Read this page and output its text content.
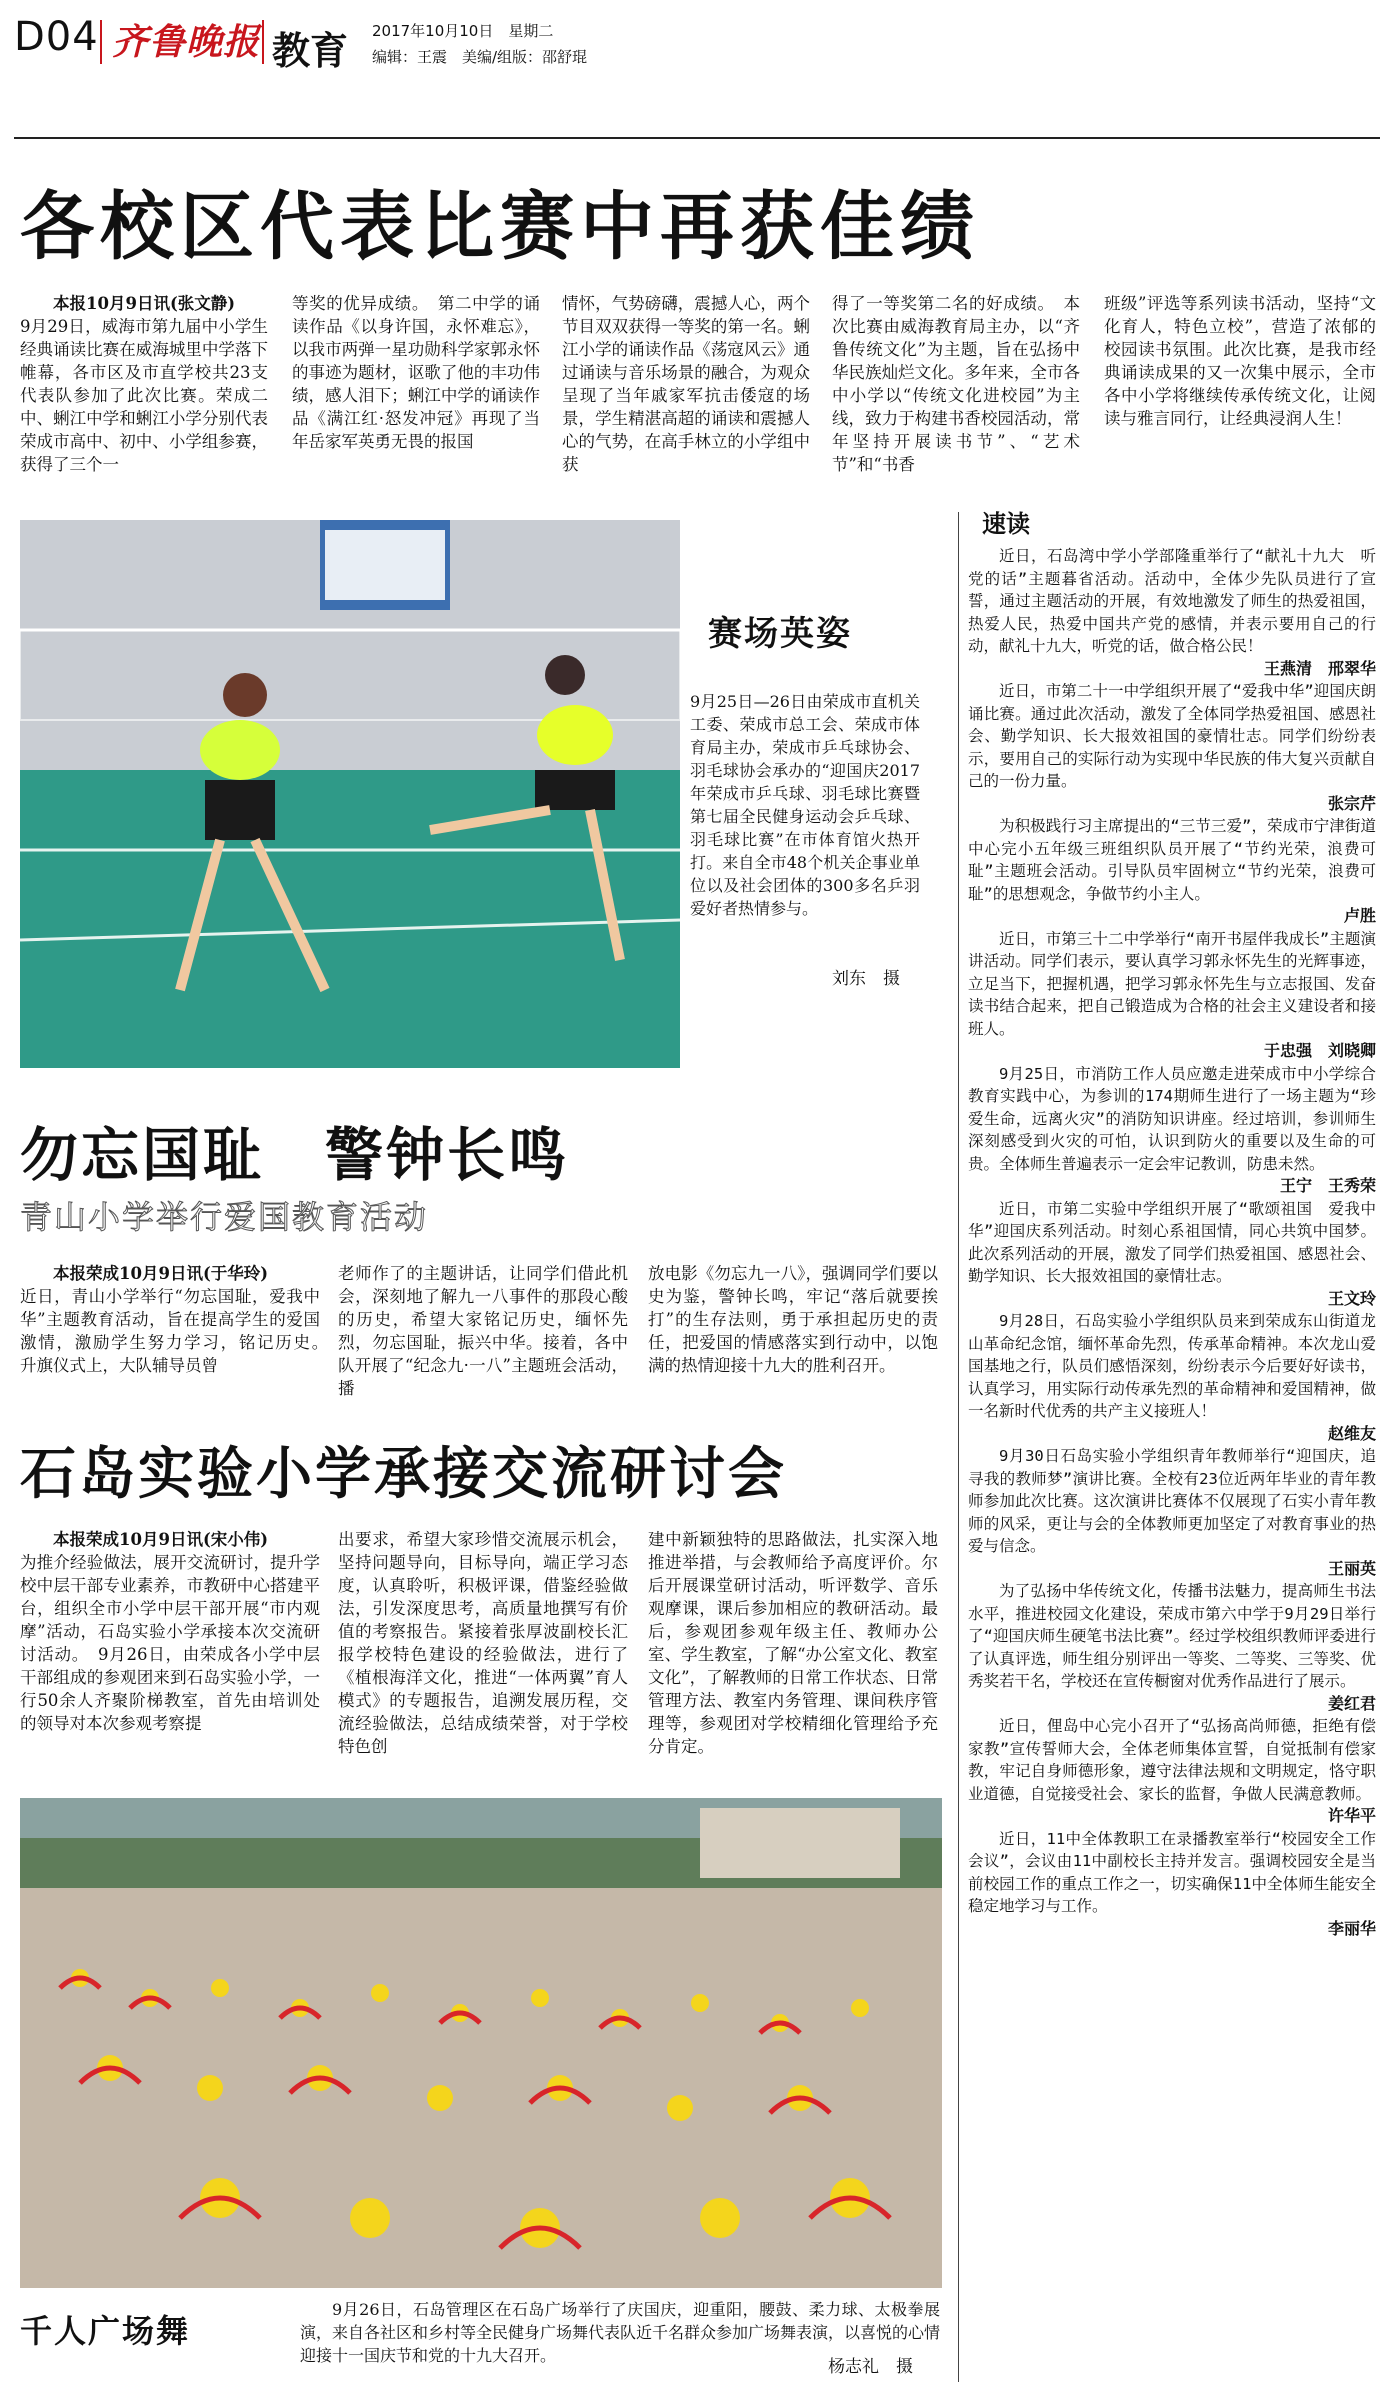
D04 齐鲁晚报 教育 2017年10月10日　星期二
编辑：王震　美编/组版：邵舒琨
各校区代表比赛中再获佳绩
本报10月9日讯(张文静)
9月29日，威海市第九届中小学生经典诵读比赛在威海城里中学落下帷幕，各市区及市直学校共23支代表队参加了此次比赛。荣成二中、蜊江中学和蜊江小学分别代表荣成市高中、初中、小学组参赛，获得了三个一

等奖的优异成绩。　第二中学的诵读作品《以身许国，永怀难忘》，以我市两弹一星功勋科学家郭永怀的事迹为题材，讴歌了他的丰功伟绩，感人泪下；蜊江中学的诵读作品《满江红·怒发冲冠》再现了当年岳家军英勇无畏的报国

情怀，气势磅礴，震撼人心，两个节目双双获得一等奖的第一名。蜊江小学的诵读作品《荡寇风云》通过诵读与音乐场景的融合，为观众呈现了当年戚家军抗击倭寇的场景，学生精湛高超的诵读和震撼人心的气势，在高手林立的小学组中获

得了一等奖第二名的好成绩。　本次比赛由威海教育局主办，以“齐鲁传统文化”为主题，旨在弘扬中华民族灿烂文化。多年来，全市各中小学以“传统文化进校园”为主线，致力于构建书香校园活动，常年坚持开展读书节”、“艺术节”和“书香

班级”评选等系列读书活动，坚持“文化育人，特色立校”，营造了浓郁的校园读书氛围。此次比赛，是我市经典诵读成果的又一次集中展示，全市各中小学将继续传承传统文化，让阅读与雅言同行，让经典浸润人生！

赛场英姿
9月25日—26日由荣成市直机关工委、荣成市总工会、荣成市体育局主办，荣成市乒乓球协会、羽毛球协会承办的“迎国庆2017年荣成市乒乓球、羽毛球比赛暨第七届全民健身运动会乒乓球、羽毛球比赛”在市体育馆火热开打。来自全市48个机关企事业单位以及社会团体的300多名乒羽爱好者热情参与。
刘东　摄
勿忘国耻　警钟长鸣
青山小学举行爱国教育活动
本报荣成10月9日讯(于华玲)
近日，青山小学举行“勿忘国耻，爱我中华”主题教育活动，旨在提高学生的爱国激情，激励学生努力学习，铭记历史。　升旗仪式上，大队辅导员曾

老师作了的主题讲话，让同学们借此机会，深刻地了解九一八事件的那段心酸的历史，希望大家铭记历史，缅怀先烈，勿忘国耻，振兴中华。接着，各中队开展了“纪念九·一八”主题班会活动，播

放电影《勿忘九一八》，强调同学们要以史为鉴，警钟长鸣，牢记“落后就要挨打”的生存法则，勇于承担起历史的责任，把爱国的情感落实到行动中，以饱满的热情迎接十九大的胜利召开。

石岛实验小学承接交流研讨会
本报荣成10月9日讯(宋小伟)
为推介经验做法，展开交流研讨，提升学校中层干部专业素养，市教研中心搭建平台，组织全市小学中层干部开展“市内观摩”活动，石岛实验小学承接本次交流研讨活动。　9月26日，由荣成各小学中层干部组成的参观团来到石岛实验小学，一行50余人齐聚阶梯教室，首先由培训处的领导对本次参观考察提

出要求，希望大家珍惜交流展示机会，坚持问题导向，目标导向，端正学习态度，认真聆听，积极评课，借鉴经验做法，引发深度思考，高质量地撰写有价值的考察报告。紧接着张厚波副校长汇报学校特色建设的经验做法，进行了《植根海洋文化，推进“一体两翼”育人模式》的专题报告，追溯发展历程，交流经验做法，总结成绩荣誉，对于学校特色创

建中新颖独特的思路做法，扎实深入地推进举措，与会教师给予高度评价。尔后开展课堂研讨活动，听评数学、音乐观摩课，课后参加相应的教研活动。最后，参观团参观年级主任、教师办公室、学生教室，了解“办公室文化、教室文化”，了解教师的日常工作状态、日常管理方法、教室内务管理、课间秩序管理等，参观团对学校精细化管理给予充分肯定。

千人广场舞
9月26日，石岛管理区在石岛广场举行了庆国庆，迎重阳，腰鼓、柔力球、太极拳展演，来自各社区和乡村等全民健身广场舞代表队近千名群众参加广场舞表演，以喜悦的心情迎接十一国庆节和党的十九大召开。
杨志礼　摄
速读

近日，石岛湾中学小学部隆重举行了“献礼十九大　听党的话”主题暮省活动。活动中，全体少先队员进行了宣誓，通过主题活动的开展，有效地激发了师生的热爱祖国，热爱人民，热爱中国共产党的感情，并表示要用自己的行动，献礼十九大，听党的话，做合格公民！

王燕清　邢翠华

近日，市第二十一中学组织开展了“爱我中华”迎国庆朗诵比赛。通过此次活动，激发了全体同学热爱祖国、感恩社会、勤学知识、长大报效祖国的豪情壮志。同学们纷纷表示，要用自己的实际行动为实现中华民族的伟大复兴贡献自己的一份力量。

张宗芹

为积极践行习主席提出的“三节三爱”，荣成市宁津街道中心完小五年级三班组织队员开展了“节约光荣，浪费可耻”主题班会活动。引导队员牢固树立“节约光荣，浪费可耻”的思想观念，争做节约小主人。

卢胜

近日，市第三十二中学举行“南开书屋伴我成长”主题演讲活动。同学们表示，要认真学习郭永怀先生的光辉事迹，立足当下，把握机遇，把学习郭永怀先生与立志报国、发奋读书结合起来，把自己锻造成为合格的社会主义建设者和接班人。

于忠强　刘晓卿

9月25日，市消防工作人员应邀走进荣成市中小学综合教育实践中心，为参训的174期师生进行了一场主题为“珍爱生命，远离火灾”的消防知识讲座。经过培训，参训师生深刻感受到火灾的可怕，认识到防火的重要以及生命的可贵。全体师生普遍表示一定会牢记教训，防患未然。

王宁　王秀荣

近日，市第二实验中学组织开展了“歌颂祖国　爱我中华”迎国庆系列活动。时刻心系祖国情，同心共筑中国梦。此次系列活动的开展，激发了同学们热爱祖国、感恩社会、勤学知识、长大报效祖国的豪情壮志。

王文玲

9月28日，石岛实验小学组织队员来到荣成东山街道龙山革命纪念馆，缅怀革命先烈，传承革命精神。本次龙山爱国基地之行，队员们感悟深刻，纷纷表示今后要好好读书，认真学习，用实际行动传承先烈的革命精神和爱国精神，做一名新时代优秀的共产主义接班人！

赵维友

9月30日石岛实验小学组织青年教师举行“迎国庆，追寻我的教师梦”演讲比赛。全校有23位近两年毕业的青年教师参加此次比赛。这次演讲比赛体不仅展现了石实小青年教师的风采，更让与会的全体教师更加坚定了对教育事业的热爱与信念。

王丽英

为了弘扬中华传统文化，传播书法魅力，提高师生书法水平，推进校园文化建设，荣成市第六中学于9月29日举行了“迎国庆师生硬笔书法比赛”。经过学校组织教师评委进行了认真评选，师生组分别评出一等奖、二等奖、三等奖、优秀奖若干名，学校还在宣传橱窗对优秀作品进行了展示。

姜红君

近日，俚岛中心完小召开了“弘扬高尚师德，拒绝有偿家教”宣传誓师大会，全体老师集体宣誓，自觉抵制有偿家教，牢记自身师德形象，遵守法律法规和文明规定，恪守职业道德，自觉接受社会、家长的监督，争做人民满意教师。

许华平

近日，11中全体教职工在录播教室举行“校园安全工作会议”，会议由11中副校长主持并发言。强调校园安全是当前校园工作的重点工作之一，切实确保11中全体师生能安全稳定地学习与工作。

李丽华
